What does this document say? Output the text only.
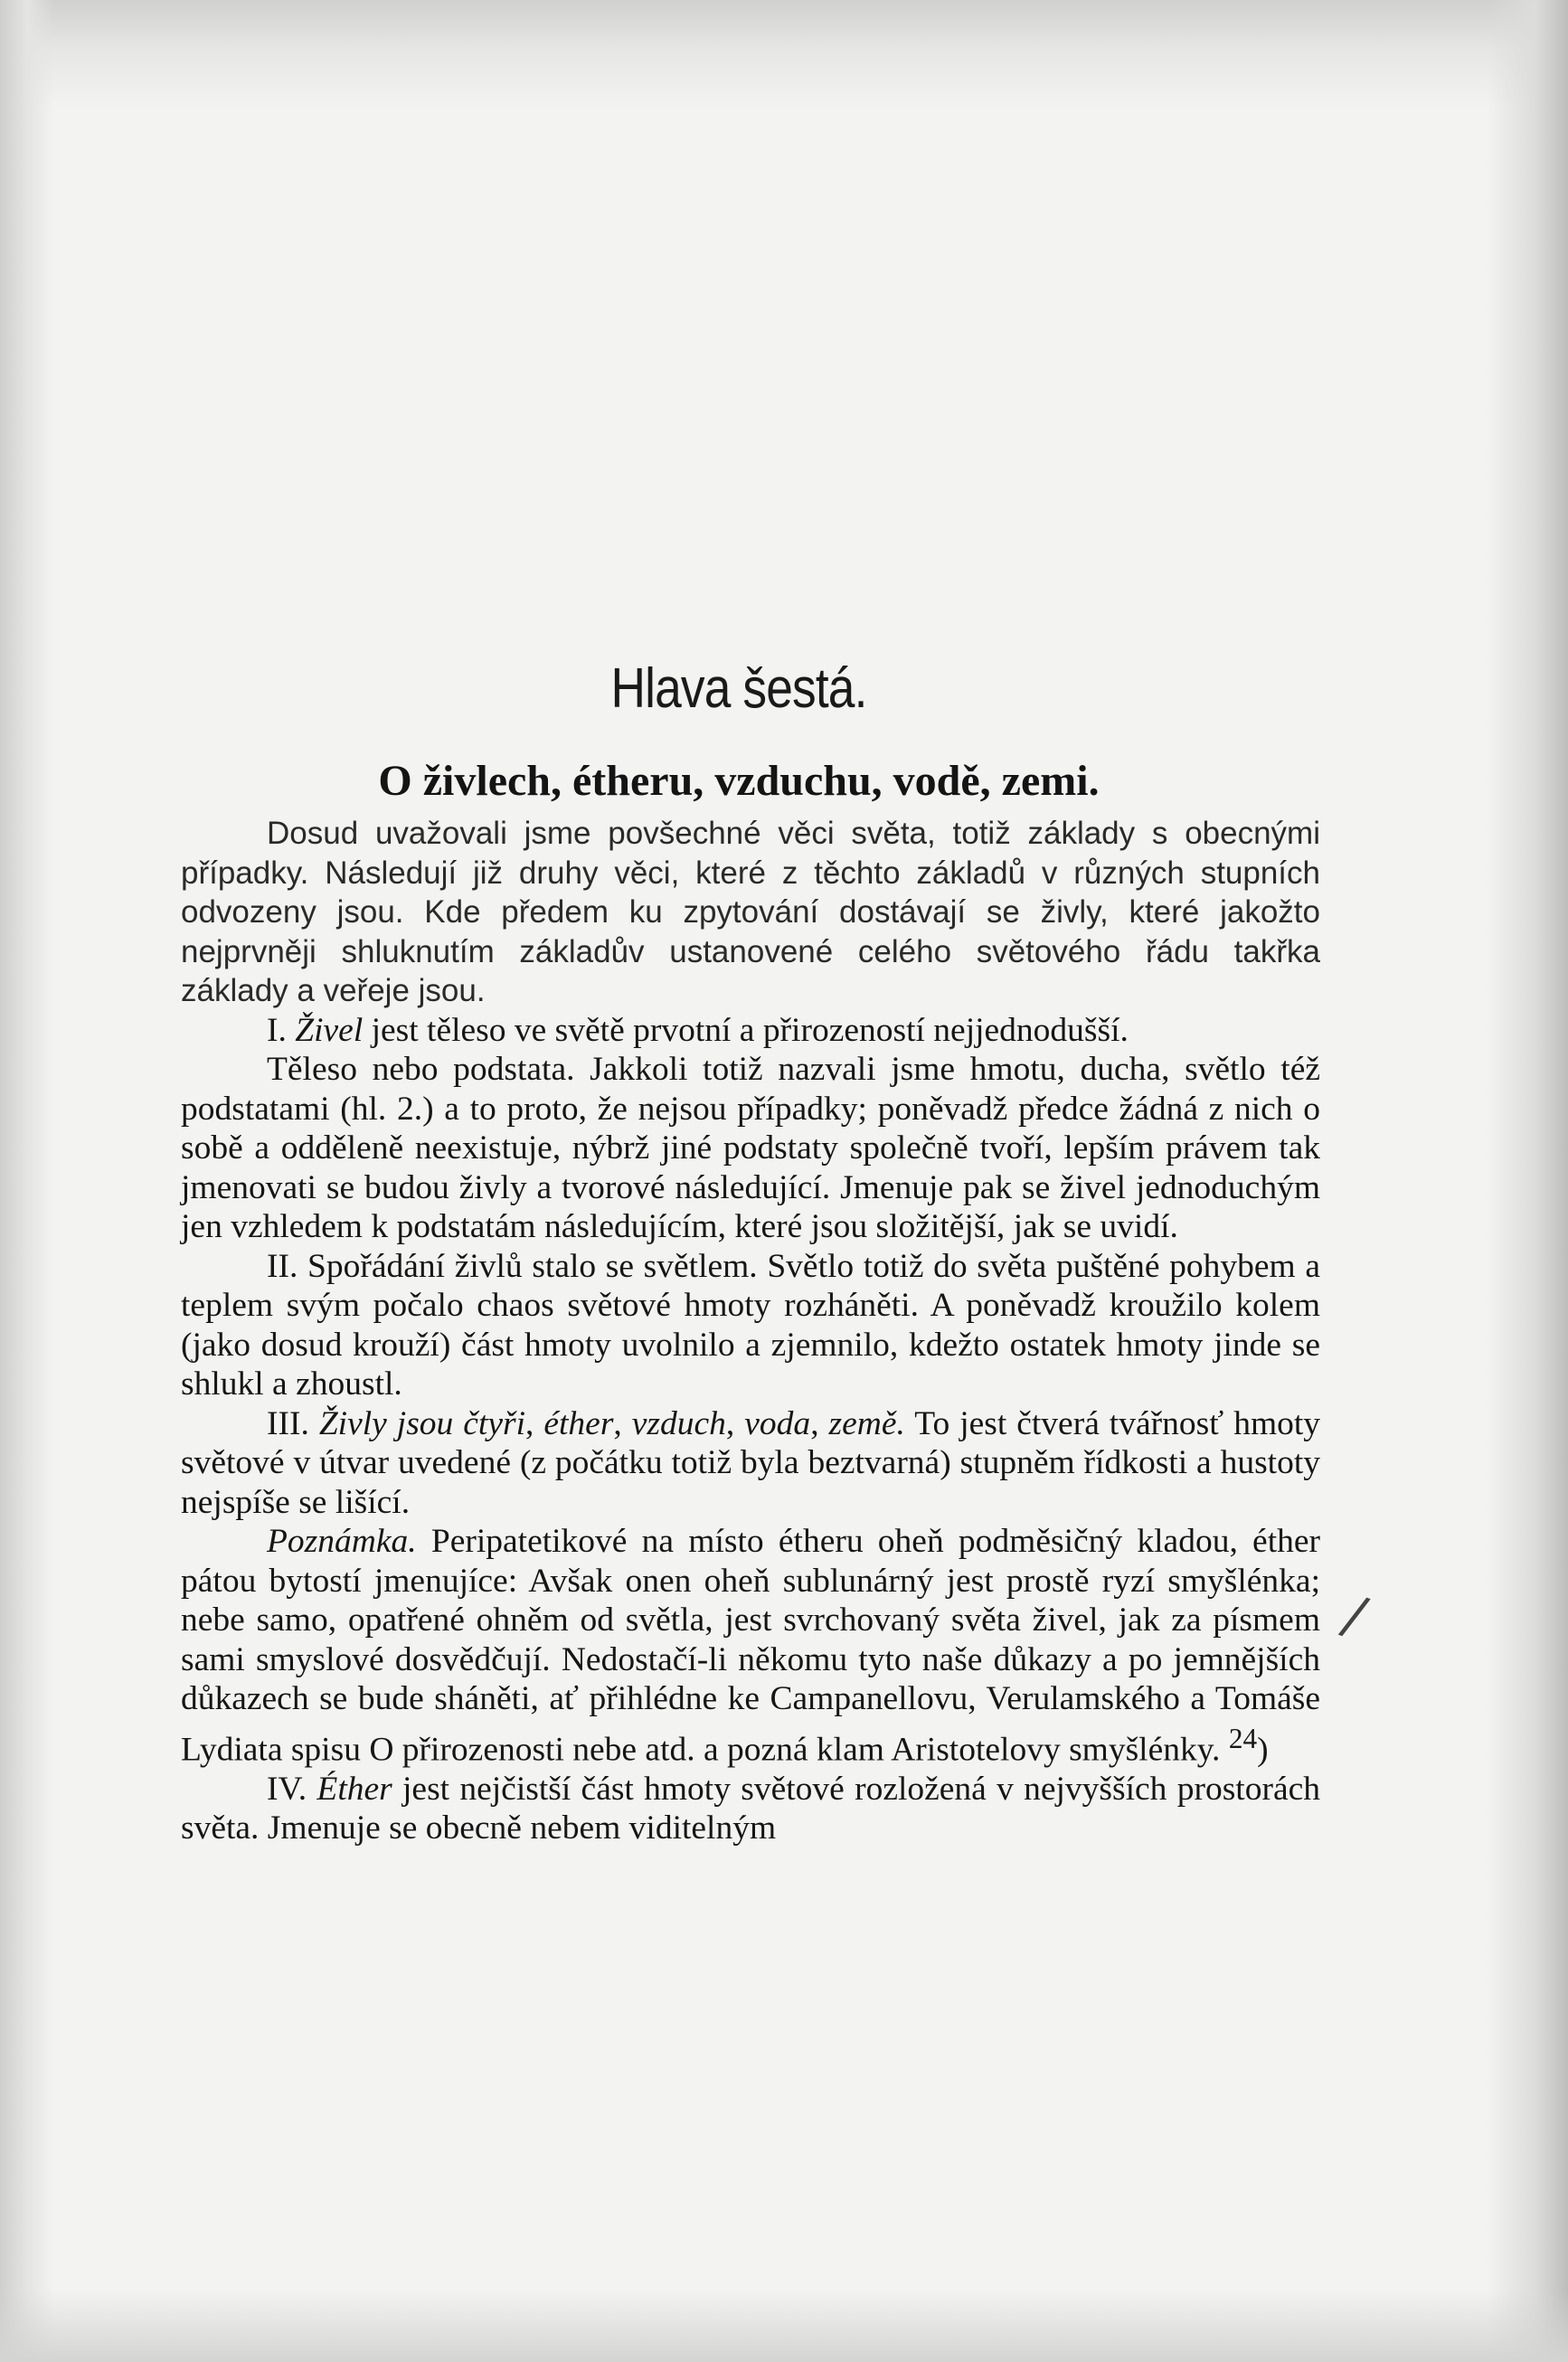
Hlava šestá.
O živlech, étheru, vzduchu, vodě, zemi.

Dosud uvažovali jsme povšechné věci světa, totiž základy s obecnými případky. Následují již druhy věci, které z těchto základů v různých stupních odvozeny jsou. Kde předem ku zpytování dostávají se živly, které jakožto nejprvněji shluknutím základův ustanovené celého světového řádu takřka základy a veřeje jsou.

I. Živel jest těleso ve světě prvotní a přirozeností nejjednodušší.

Těleso nebo podstata. Jakkoli totiž nazvali jsme hmotu, ducha, světlo též podstatami (hl. 2.) a to proto, že nejsou případky; poněvadž předce žádná z nich o sobě a odděleně neexistuje, nýbrž jiné podstaty společně tvoří, lepším právem tak jmenovati se budou živly a tvorové následující. Jmenuje pak se živel jednoduchým jen vzhledem k podstatám následujícím, které jsou složitější, jak se uvidí.

II. Spořádání živlů stalo se světlem. Světlo totiž do světa puštěné pohybem a teplem svým počalo chaos světové hmoty rozháněti. A poněvadž kroužilo kolem (jako dosud krouží) část hmoty uvolnilo a zjemnilo, kdežto ostatek hmoty jinde se shlukl a zhoustl.

III. Živly jsou čtyři, éther, vzduch, voda, země. To jest čtverá tvářnosť hmoty světové v útvar uvedené (z počátku totiž byla beztvarná) stupněm řídkosti a hustoty nejspíše se lišící.

Poznámka. Peripatetikové na místo étheru oheň podměsičný kladou, éther pátou bytostí jmenujíce: Avšak onen oheň sublunárný jest prostě ryzí smyšlénka; nebe samo, opatřené ohněm od světla, jest svrchovaný světa živel, jak za písmem sami smyslové dosvědčují. Nedostačí-li někomu tyto naše důkazy a po jemnějších důkazech se bude sháněti, ať přihlédne ke Campanellovu, Verulamského a Tomáše Lydiata spisu O přirozenosti nebe atd. a pozná klam Aristotelovy smyšlénky. $^{24}$)

IV. Éther jest nejčistší část hmoty světové rozložená v nejvyšších prostorách světa. Jmenuje se obecně nebem viditelným

/
